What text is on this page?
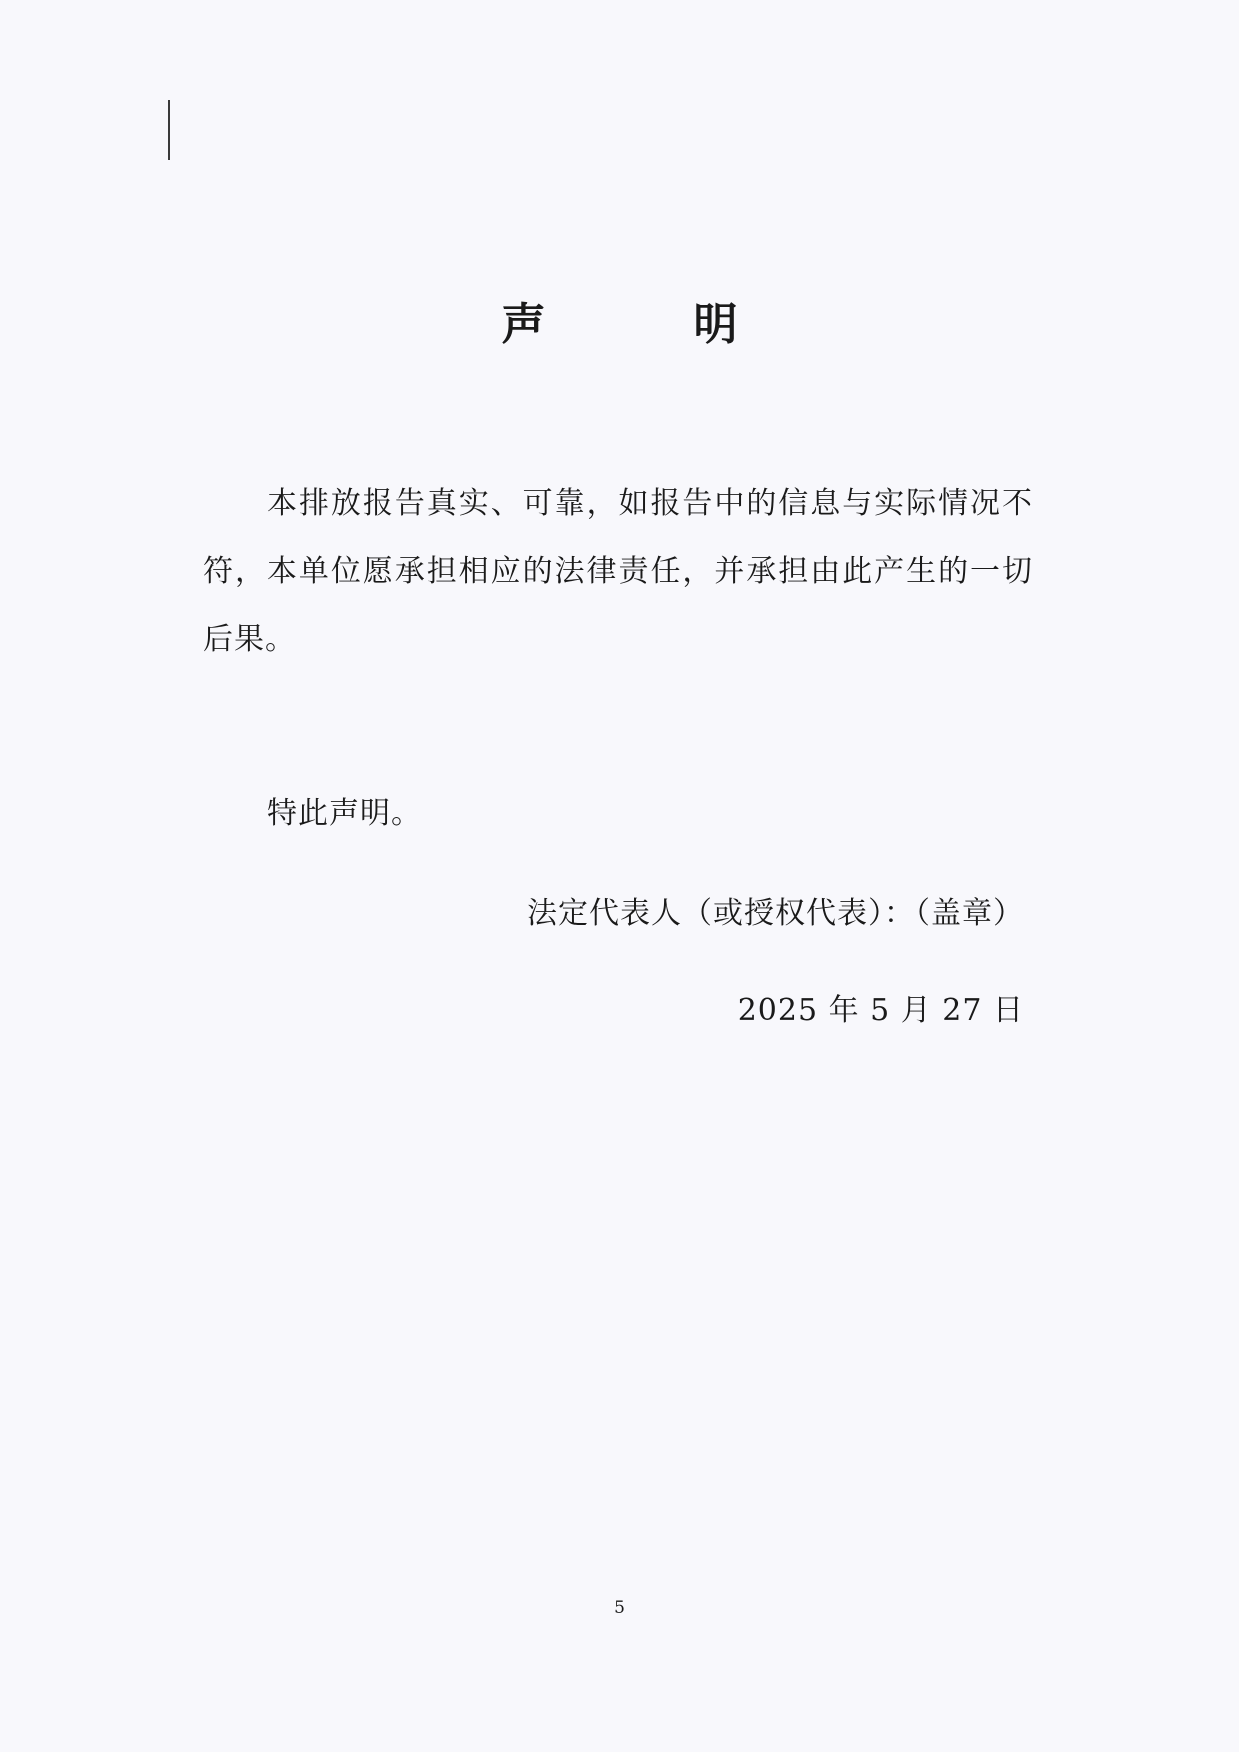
声　明
本排放报告真实、可靠，如报告中的信息与实际情况不符，本单位愿承担相应的法律责任，并承担由此产生的一切后果。
特此声明。
法定代表人（或授权代表）：（盖章）
2025 年 5 月 27 日
5
